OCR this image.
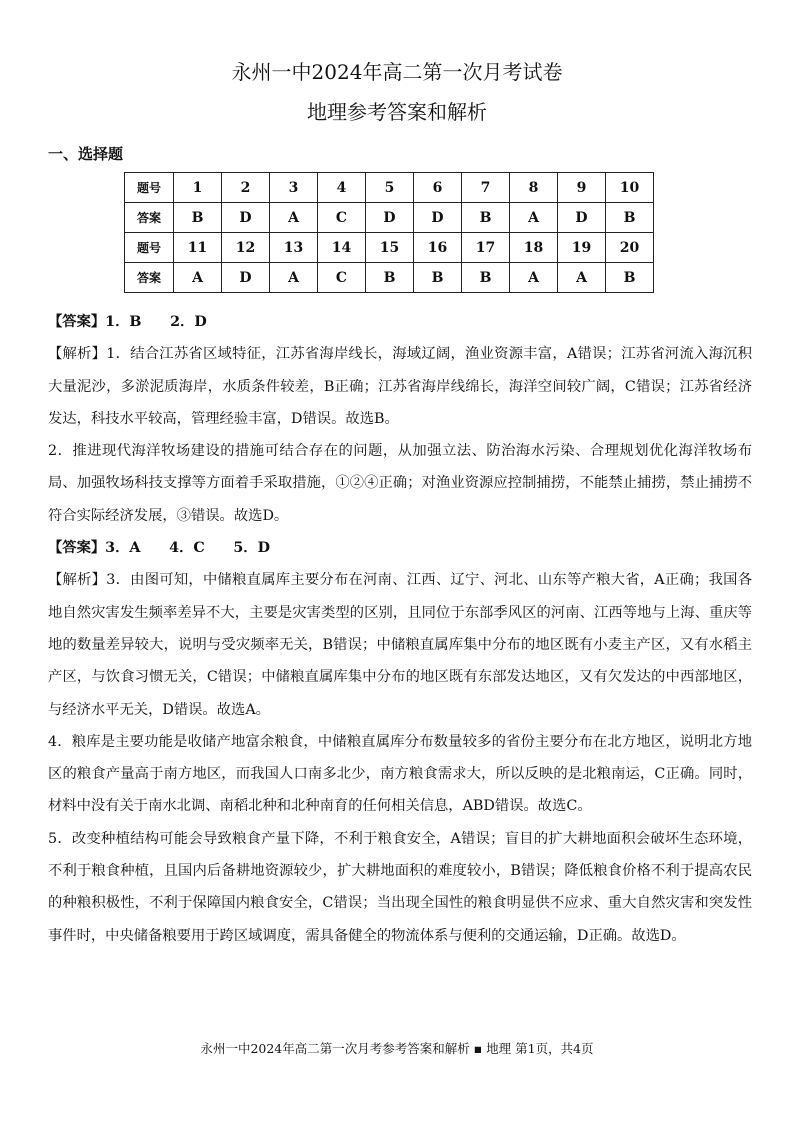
永州一中2024年高二第一次月考试卷
地理参考答案和解析
一、选择题
题号	1	2	3	4	5	6	7	8	9	10
答案	B	D	A	C	D	D	B	A	D	B
题号	11	12	13	14	15	16	17	18	19	20
答案	A	D	A	C	B	B	B	A	A	B

【答案】1．B　　2．D

【解析】1．结合江苏省区域特征，江苏省海岸线长，海域辽阔，渔业资源丰富，A错误；江苏省河流入海沉积大量泥沙，多淤泥质海岸，水质条件较差，B正确；江苏省海岸线绵长，海洋空间较广阔，C错误；江苏省经济发达，科技水平较高，管理经验丰富，D错误。故选B。

2．推进现代海洋牧场建设的措施可结合存在的问题，从加强立法、防治海水污染、合理规划优化海洋牧场布局、加强牧场科技支撑等方面着手采取措施，①②④正确；对渔业资源应控制捕捞，不能禁止捕捞，禁止捕捞不符合实际经济发展，③错误。故选D。

【答案】3．A　　4．C　　5．D

【解析】3．由图可知，中储粮直属库主要分布在河南、江西、辽宁、河北、山东等产粮大省，A正确；我国各地自然灾害发生频率差异不大，主要是灾害类型的区别，且同位于东部季风区的河南、江西等地与上海、重庆等地的数量差异较大，说明与受灾频率无关，B错误；中储粮直属库集中分布的地区既有小麦主产区，又有水稻主产区，与饮食习惯无关，C错误；中储粮直属库集中分布的地区既有东部发达地区，又有欠发达的中西部地区，与经济水平无关，D错误。故选A。

4．粮库是主要功能是收储产地富余粮食，中储粮直属库分布数量较多的省份主要分布在北方地区，说明北方地区的粮食产量高于南方地区，而我国人口南多北少，南方粮食需求大，所以反映的是北粮南运，C正确。同时，材料中没有关于南水北调、南稻北种和北种南育的任何相关信息，ABD错误。故选C。

5．改变种植结构可能会导致粮食产量下降，不利于粮食安全，A错误；盲目的扩大耕地面积会破坏生态环境，不利于粮食种植，且国内后备耕地资源较少，扩大耕地面积的难度较小，B错误；降低粮食价格不利于提高农民的种粮积极性，不利于保障国内粮食安全，C错误；当出现全国性的粮食明显供不应求、重大自然灾害和突发性事件时，中央储备粮要用于跨区域调度，需具备健全的物流体系与便利的交通运输，D正确。故选D。

永州一中2024年高二第一次月考参考答案和解析 ▪ 地理 第1页，共4页
